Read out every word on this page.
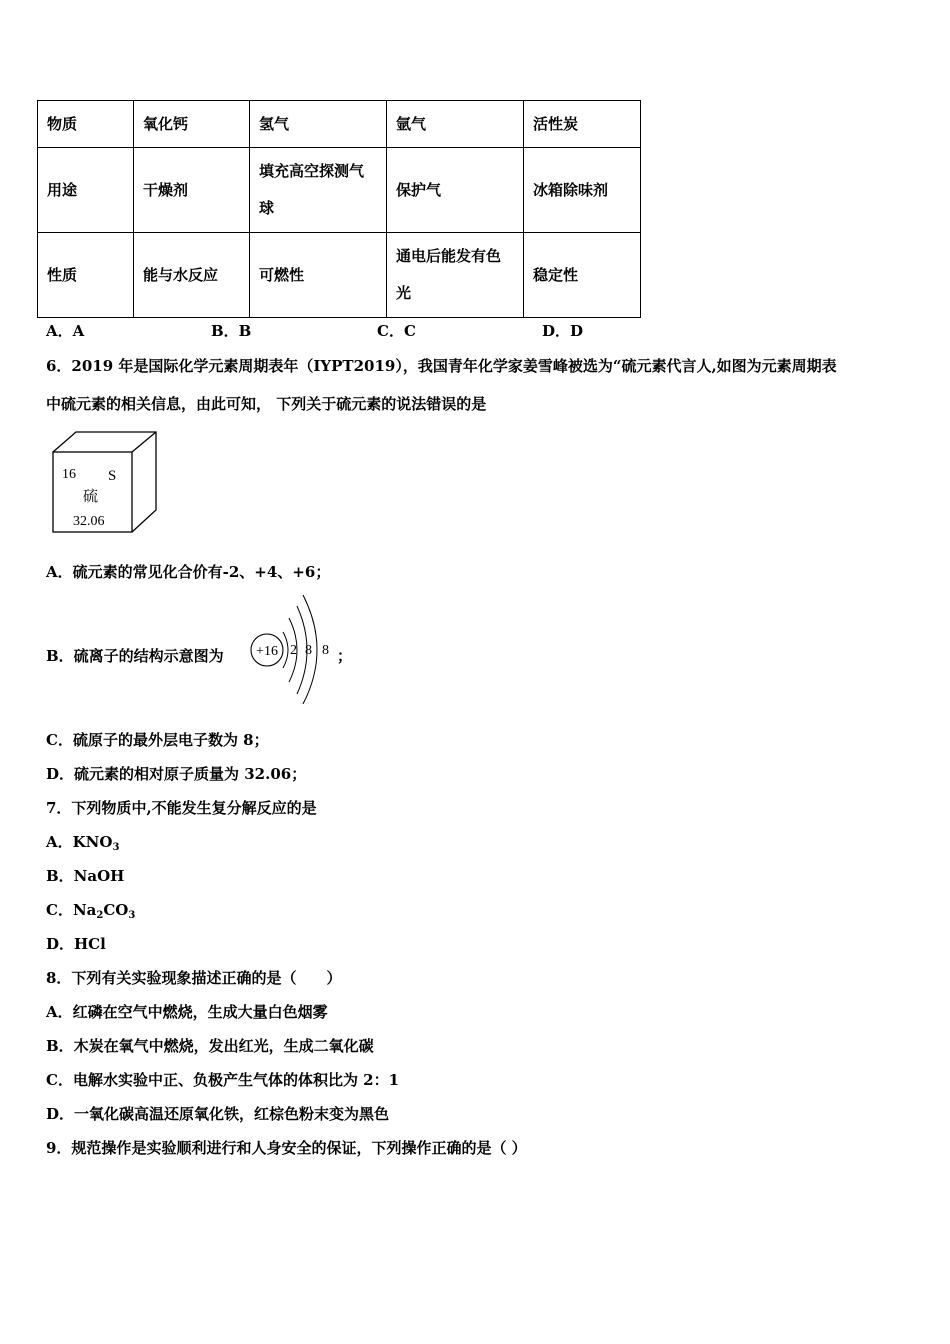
物质	氧化钙	氢气	氩气	活性炭
用途	干燥剂	填充高空探测气球	保护气	冰箱除味剂
性质	能与水反应	可燃性	通电后能发有色光	稳定性
A．A	B．B	C．C	D．D
6．2019 年是国际化学元素周期表年（IYPT2019），我国青年化学家姜雪峰被选为“硫元素代言人,如图为元素周期表
中硫元素的相关信息，由此可知， 下列关于硫元素的说法错误的是
16 S
硫
32.06
A．硫元素的常见化合价有-2、+4、+6；
B．硫离子的结构示意图为 +16 2 8 8 ；
C．硫原子的最外层电子数为 8；
D．硫元素的相对原子质量为 32.06；
7．下列物质中,不能发生复分解反应的是
A．$KNO_3$
B．NaOH
C．$Na_2CO_3$
D．HCl
8．下列有关实验现象描述正确的是（　　）
A．红磷在空气中燃烧，生成大量白色烟雾
B．木炭在氧气中燃烧，发出红光，生成二氧化碳
C．电解水实验中正、负极产生气体的体积比为 2：1
D．一氧化碳高温还原氧化铁，红棕色粉末变为黑色
9．规范操作是实验顺利进行和人身安全的保证，下列操作正确的是（ ）
